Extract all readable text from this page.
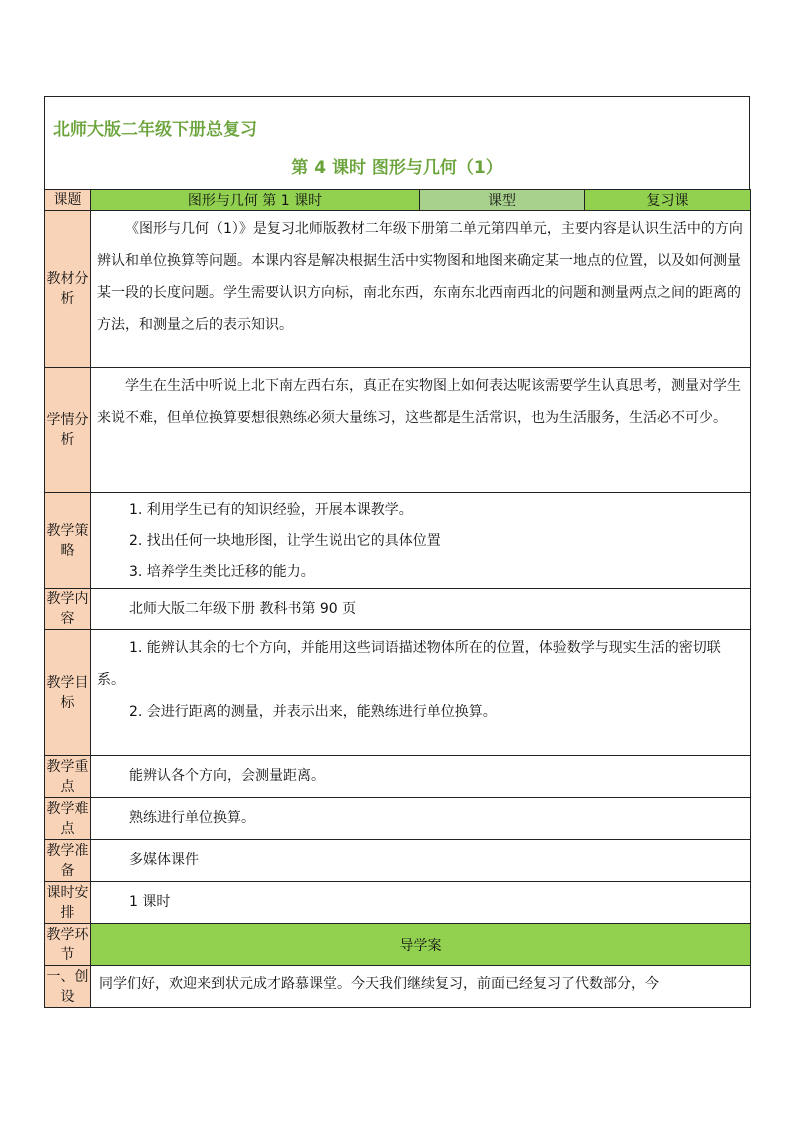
北师大版二年级下册总复习
第 4 课时 图形与几何（1）
课题	图形与几何 第 1 课时	课型	复习课
教材分析	《图形与几何（1）》是复习北师版教材二年级下册第二单元第四单元，主要内容是认识生活中的方向辨认和单位换算等问题。本课内容是解决根据生活中实物图和地图来确定某一地点的位置，以及如何测量某一段的长度问题。学生需要认识方向标，南北东西，东南东北西南西北的问题和测量两点之间的距离的方法，和测量之后的表示知识。		

学情分析	学生在生活中听说上北下南左西右东，真正在实物图上如何表达呢该需要学生认真思考，测量对学生来说不难，但单位换算要想很熟练必须大量练习，这些都是生活常识，也为生活服务，生活必不可少。		

教学策略	1. 利用学生已有的知识经验，开展本课教学。
2. 找出任何一块地形图，让学生说出它的具体位置
3. 培养学生类比迁移的能力。		

教学内容	北师大版二年级下册 教科书第 90 页		

教学目标	1. 能辨认其余的七个方向，并能用这些词语描述物体所在的位置，体验数学与现实生活的密切联系。
2. 会进行距离的测量，并表示出来，能熟练进行单位换算。		

教学重点	能辨认各个方向，会测量距离。		

教学难点	熟练进行单位换算。		

教学准备	多媒体课件		

课时安排	1 课时		

教学环节	导学案		
一、创设	同学们好，欢迎来到状元成才路慕课堂。今天我们继续复习，前面已经复习了代数部分，今		
